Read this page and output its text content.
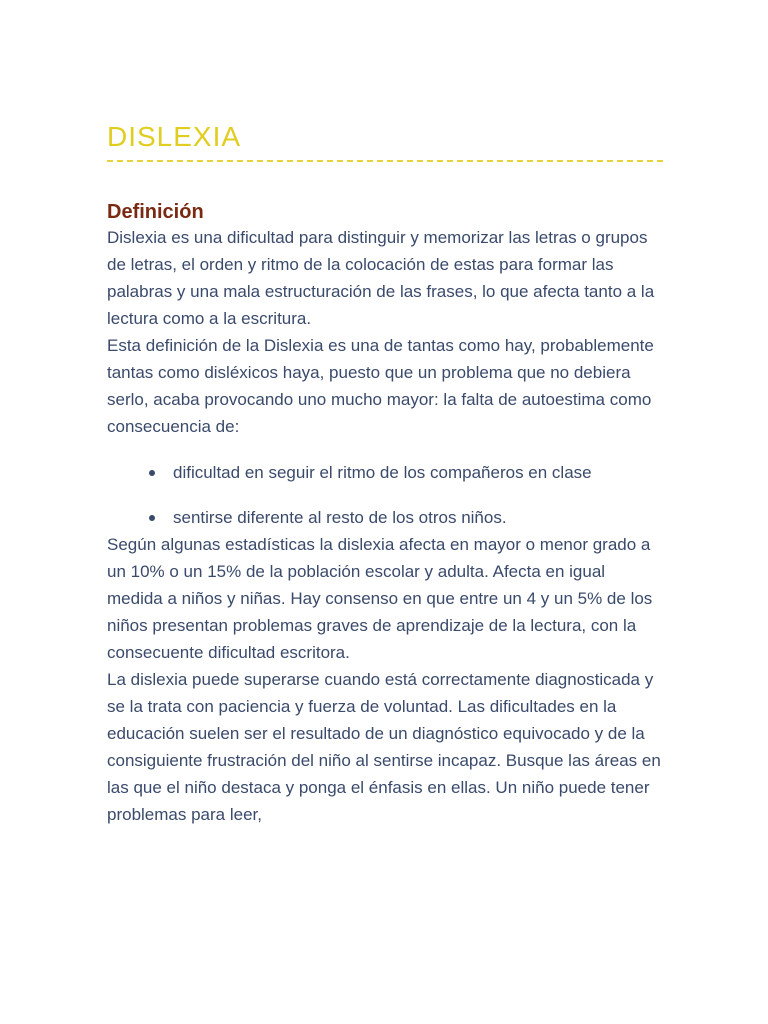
DISLEXIA
Definición

Dislexia es una dificultad para distinguir y memorizar las letras o grupos de letras, el orden y ritmo de la colocación de estas para formar las palabras y una mala estructuración de las frases, lo que afecta tanto a la lectura como a la escritura.

Esta definición de la Dislexia es una de tantas como hay, probablemente tantas como disléxicos haya, puesto que un problema que no debiera serlo, acaba provocando uno mucho mayor: la falta de autoestima como consecuencia de:

dificultad en seguir el ritmo de los compañeros en clase
sentirse diferente al resto de los otros niños.

Según algunas estadísticas la dislexia afecta en mayor o menor grado a un 10% o un 15% de la población escolar y adulta. Afecta en igual medida a niños y niñas. Hay consenso en que entre un 4 y un 5% de los niños presentan problemas graves de aprendizaje de la lectura, con la consecuente dificultad escritora.

La dislexia puede superarse cuando está correctamente diagnosticada y se la trata con paciencia y fuerza de voluntad. Las dificultades en la educación suelen ser el resultado de un diagnóstico equivocado y de la consiguiente frustración del niño al sentirse incapaz. Busque las áreas en las que el niño destaca y ponga el énfasis en ellas. Un niño puede tener problemas para leer,
